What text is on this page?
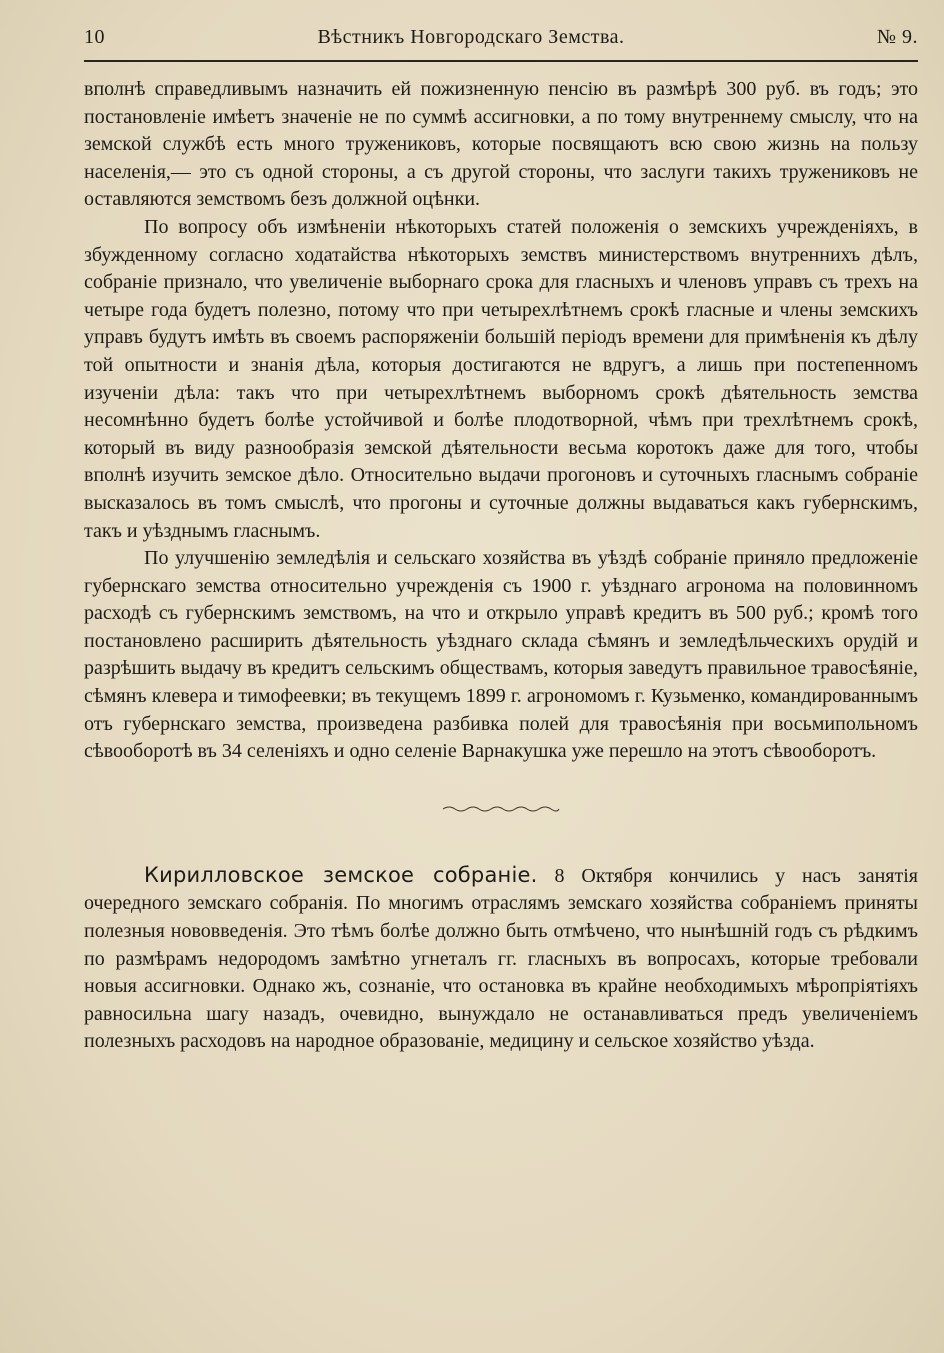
10	Вѣстникъ Новгородскаго Земства.	№ 9.

вполнѣ справедливымъ назначить ей пожизненную пенсію въ размѣрѣ 300 руб. въ годъ; это постановленіе имѣетъ значеніе не по суммѣ ассигновки, а по тому внутреннему смыслу, что на земской службѣ есть много тружениковъ, которые посвящаютъ всю свою жизнь на пользу населенія,— это съ одной стороны, а съ другой стороны, что заслуги такихъ тружениковъ не оставляются земствомъ безъ должной оцѣнки.

По вопросу объ измѣненіи нѣкоторыхъ статей положенія о земскихъ учрежденіяхъ, в збужденному согласно ходатайства нѣкоторыхъ земствъ министерствомъ внутреннихъ дѣлъ, собраніе признало, что увеличеніе выборнаго срока для гласныхъ и членовъ управъ съ трехъ на четыре года будетъ полезно, потому что при четырехлѣтнемъ срокѣ гласные и члены земскихъ управъ будутъ имѣть въ своемъ распоряженіи большій періодъ времени для примѣненія къ дѣлу той опытности и знанія дѣла, которыя достигаются не вдругъ, а лишь при постепенномъ изученіи дѣла: такъ что при четырехлѣтнемъ выборномъ срокѣ дѣятельность земства несомнѣнно будетъ болѣе устойчивой и болѣе плодотворной, чѣмъ при трехлѣтнемъ срокѣ, который въ виду разнообразія земской дѣятельности весьма коротокъ даже для того, чтобы вполнѣ изучить земское дѣло. Относительно выдачи прогоновъ и суточныхъ гласнымъ собраніе высказалось въ томъ смыслѣ, что прогоны и суточные должны выдаваться какъ губернскимъ, такъ и уѣзднымъ гласнымъ.

По улучшенію земледѣлія и сельскаго хозяйства въ уѣздѣ собраніе приняло предложеніе губернскаго земства относительно учрежденія съ 1900 г. уѣзднаго агронома на половинномъ расходѣ съ губернскимъ земствомъ, на что и открыло управѣ кредитъ въ 500 руб.; кромѣ того постановлено расширить дѣятельность уѣзднаго склада сѣмянъ и земледѣльческихъ орудій и разрѣшить выдачу въ кредитъ сельскимъ обществамъ, которыя заведутъ правильное травосѣяніе, сѣмянъ клевера и тимофеевки; въ текущемъ 1899 г. агрономомъ г. Кузьменко, командированнымъ отъ губернскаго земства, произведена разбивка полей для травосѣянія при восьмипольномъ сѣвооборотѣ въ 34 селеніяхъ и одно селеніе Варнакушка уже перешло на этотъ сѣвооборотъ.

Кирилловское земское собраніе. 8 Октября кончились у насъ занятія очередного земскаго собранія. По многимъ отраслямъ земскаго хозяйства собраніемъ приняты полезныя нововведенія. Это тѣмъ болѣе должно быть отмѣчено, что нынѣшній годъ съ рѣдкимъ по размѣрамъ недородомъ замѣтно угнеталъ гг. гласныхъ въ вопросахъ, которые требовали новыя ассигновки. Однако жъ, сознаніе, что остановка въ крайне необходимыхъ мѣропріятіяхъ равносильна шагу назадъ, очевидно, вынуждало не останавливаться предъ увеличеніемъ полезныхъ расходовъ на народное образованіе, медицину и сельское хозяйство уѣзда.
